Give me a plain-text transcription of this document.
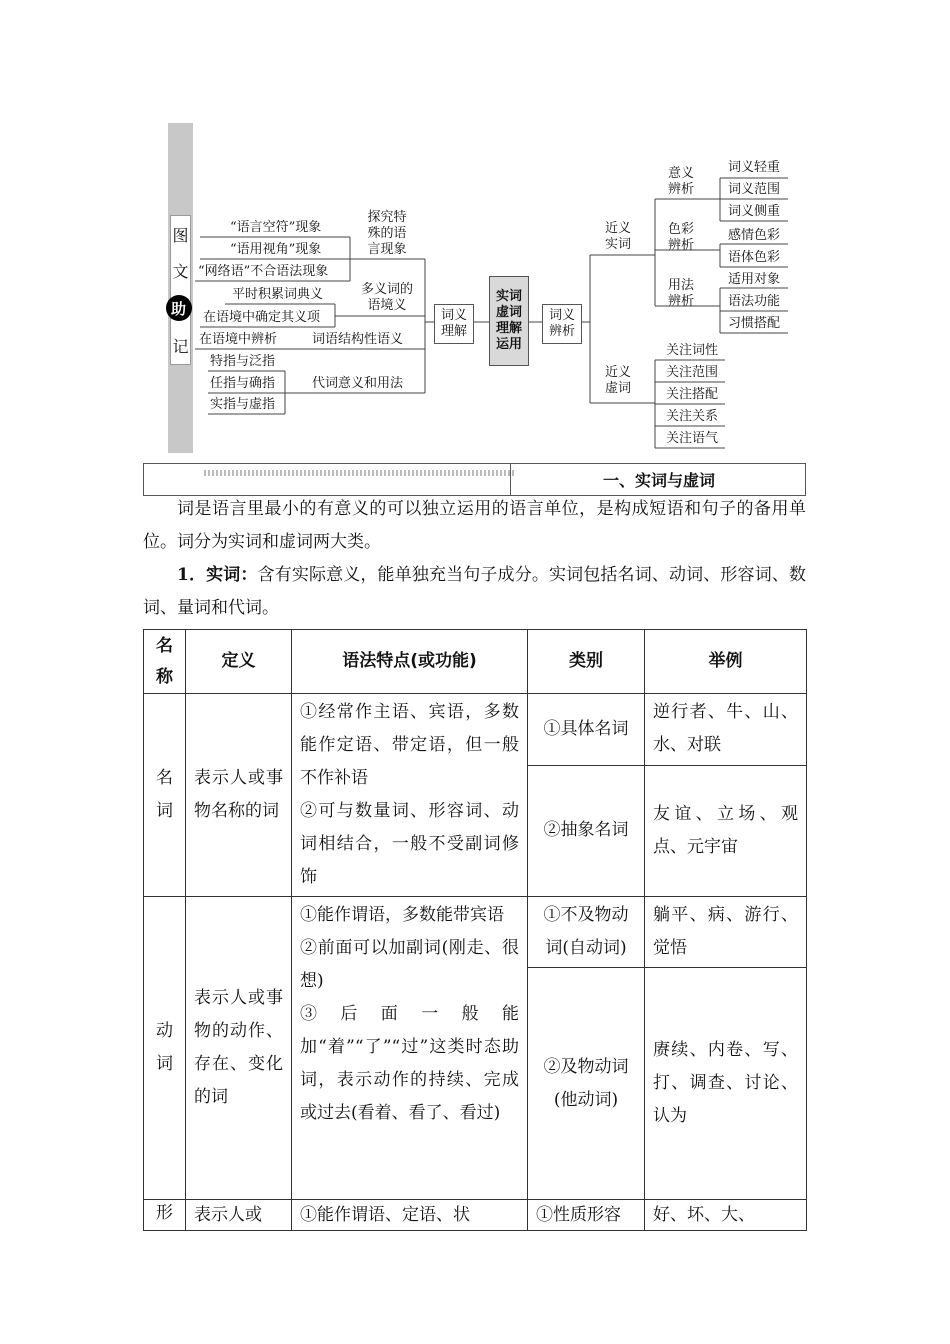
图
文
助
记
“语言空符”现象
“语用视角”现象
“网络语”不合语法现象
平时积累词典义
在语境中确定其义项
在语境中辨析
特指与泛指
任指与确指
实指与虚指
探究特
殊的语
言现象
多义词的
语境义
词语结构性语义
代词意义和用法
词义
理解
实词
虚词
理解
运用
词义
辨析
近义
实词
近义
虚词
意义
辨析
色彩
辨析
用法
辨析
词义轻重
词义范围
词义侧重
感情色彩
语体色彩
适用对象
语法功能
习惯搭配
关注词性
关注范围
关注搭配
关注关系
关注语气
一、实词与虚词

词是语言里最小的有意义的可以独立运用的语言单位，是构成短语和句子的备用单位。词分为实词和虚词两大类。

1．实词：含有实际意义，能单独充当句子成分。实词包括名词、动词、形容词、数词、量词和代词。

名称	定义	语法特点(或功能)	类别	举例
名词	表示人或事物名称的词	①经常作主语、宾语，多数能作定语、带定语，但一般不作补语
②可与数量词、形容词、动词相结合，一般不受副词修饰	①具体名词	逆行者、牛、山、水、对联
			②抽象名词	友谊、立场、观点、元宇宙
动词	表示人或事物的动作、存在、变化的词	①能作谓语，多数能带宾语
②前面可以加副词(刚走、很想)
③后面一般能加“着”“了”“过”这类时态助词，表示动作的持续、完成或过去(看着、看了、看过)	①不及物动词(自动词)	躺平、病、游行、觉悟
			②及物动词(他动词)	赓续、内卷、写、打、调查、讨论、认为
形	表示人或	①能作谓语、定语、状	①性质形容	好、坏、大、
